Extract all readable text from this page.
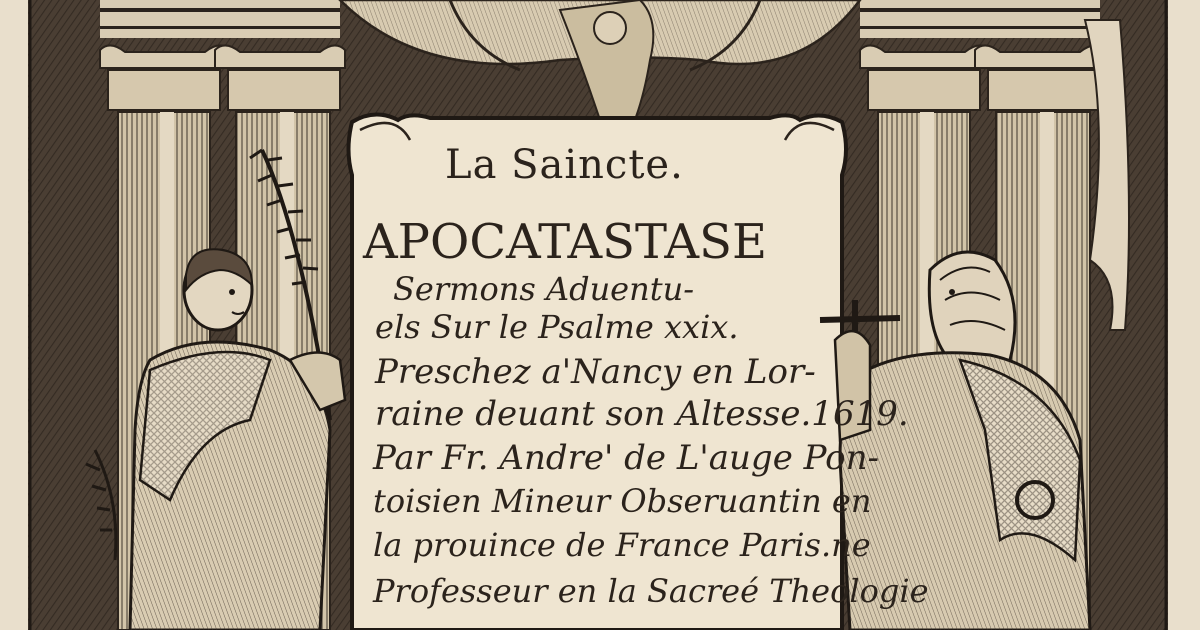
La Saincte.
APOCATASTASE
Sermons Aduentu-
els Sur le Psalme xxix.
Preschez a'Nancy en Lor-
raine deuant son Altesse.1619.
Par Fr. Andre' de L'auge Pon-
toisien Mineur Obseruantin en
la prouince de France Paris.ne
Professeur en la Sacreé Theologie
